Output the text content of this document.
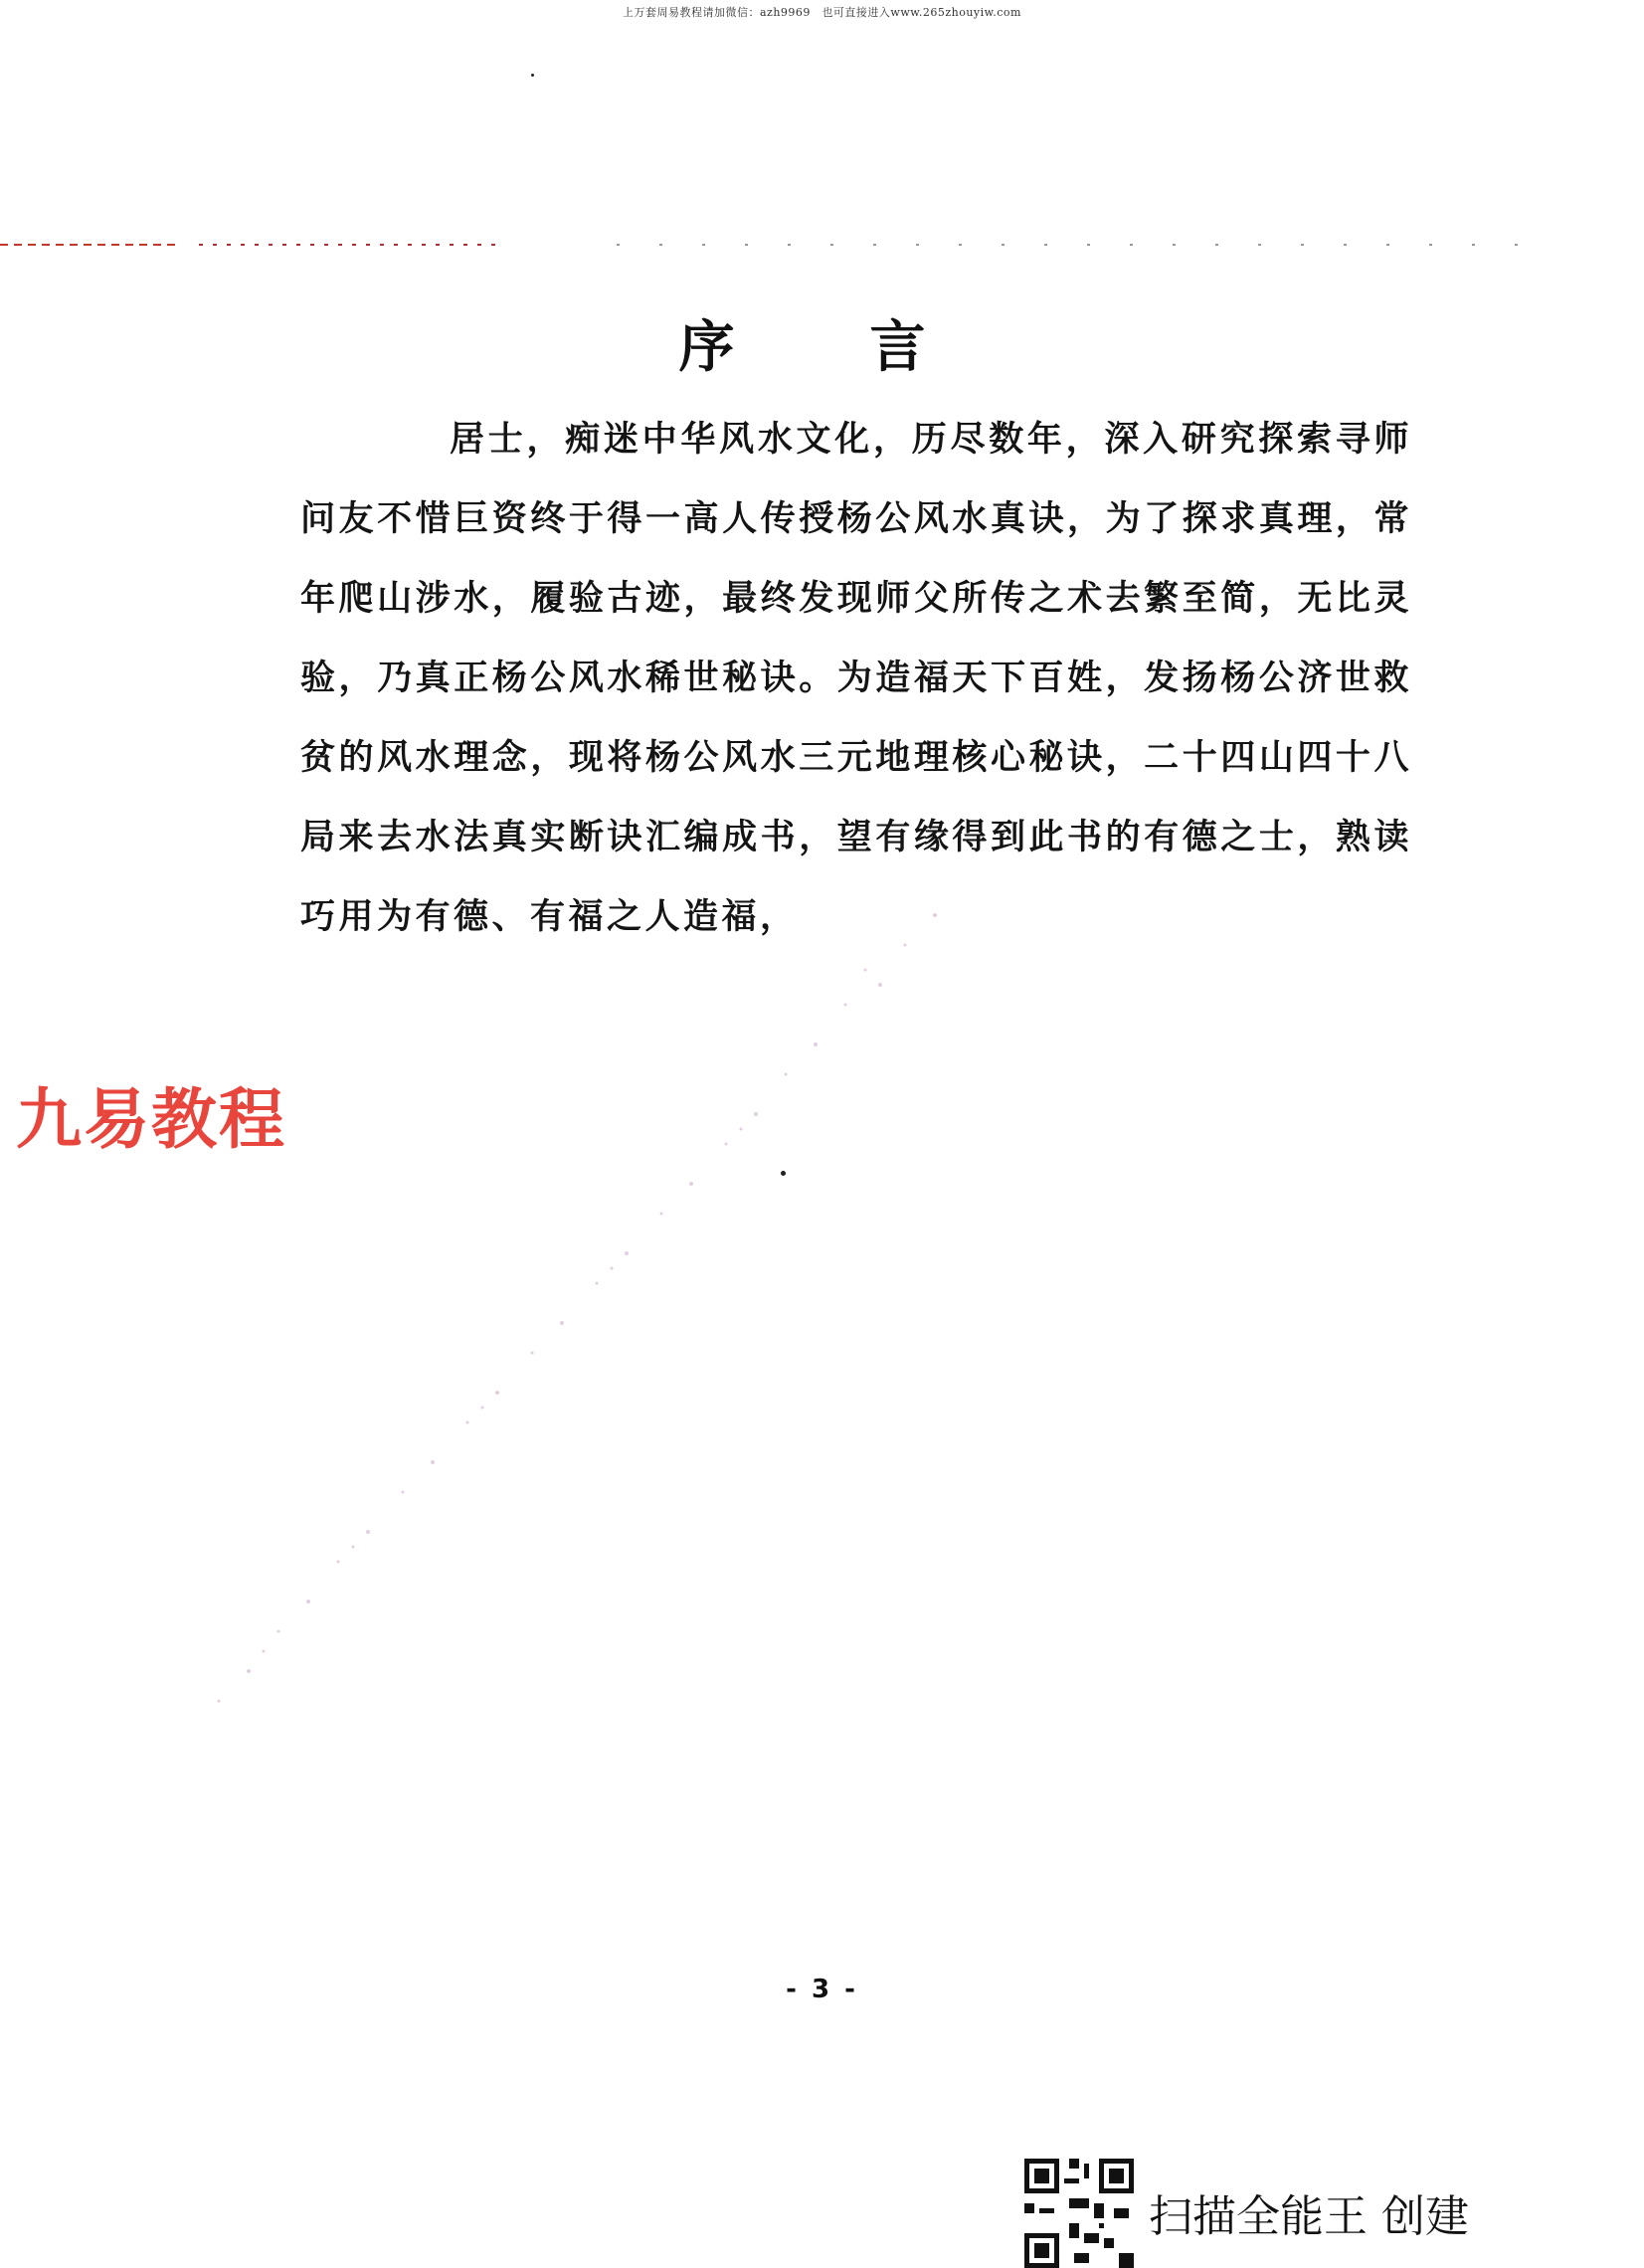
上万套周易教程请加微信：azh9969　也可直接进入www.265zhouyiw.com
序　言
居士，痴迷中华风水文化，历尽数年，深入研究探索寻师问友不惜巨资终于得一高人传授杨公风水真诀，为了探求真理，常年爬山涉水，履验古迹，最终发现师父所传之术去繁至简，无比灵验，乃真正杨公风水稀世秘诀。为造福天下百姓，发扬杨公济世救贫的风水理念，现将杨公风水三元地理核心秘诀，二十四山四十八局来去水法真实断诀汇编成书，望有缘得到此书的有德之士，熟读巧用为有德、有福之人造福，
九易教程
- 3 -
扫描全能王 创建
